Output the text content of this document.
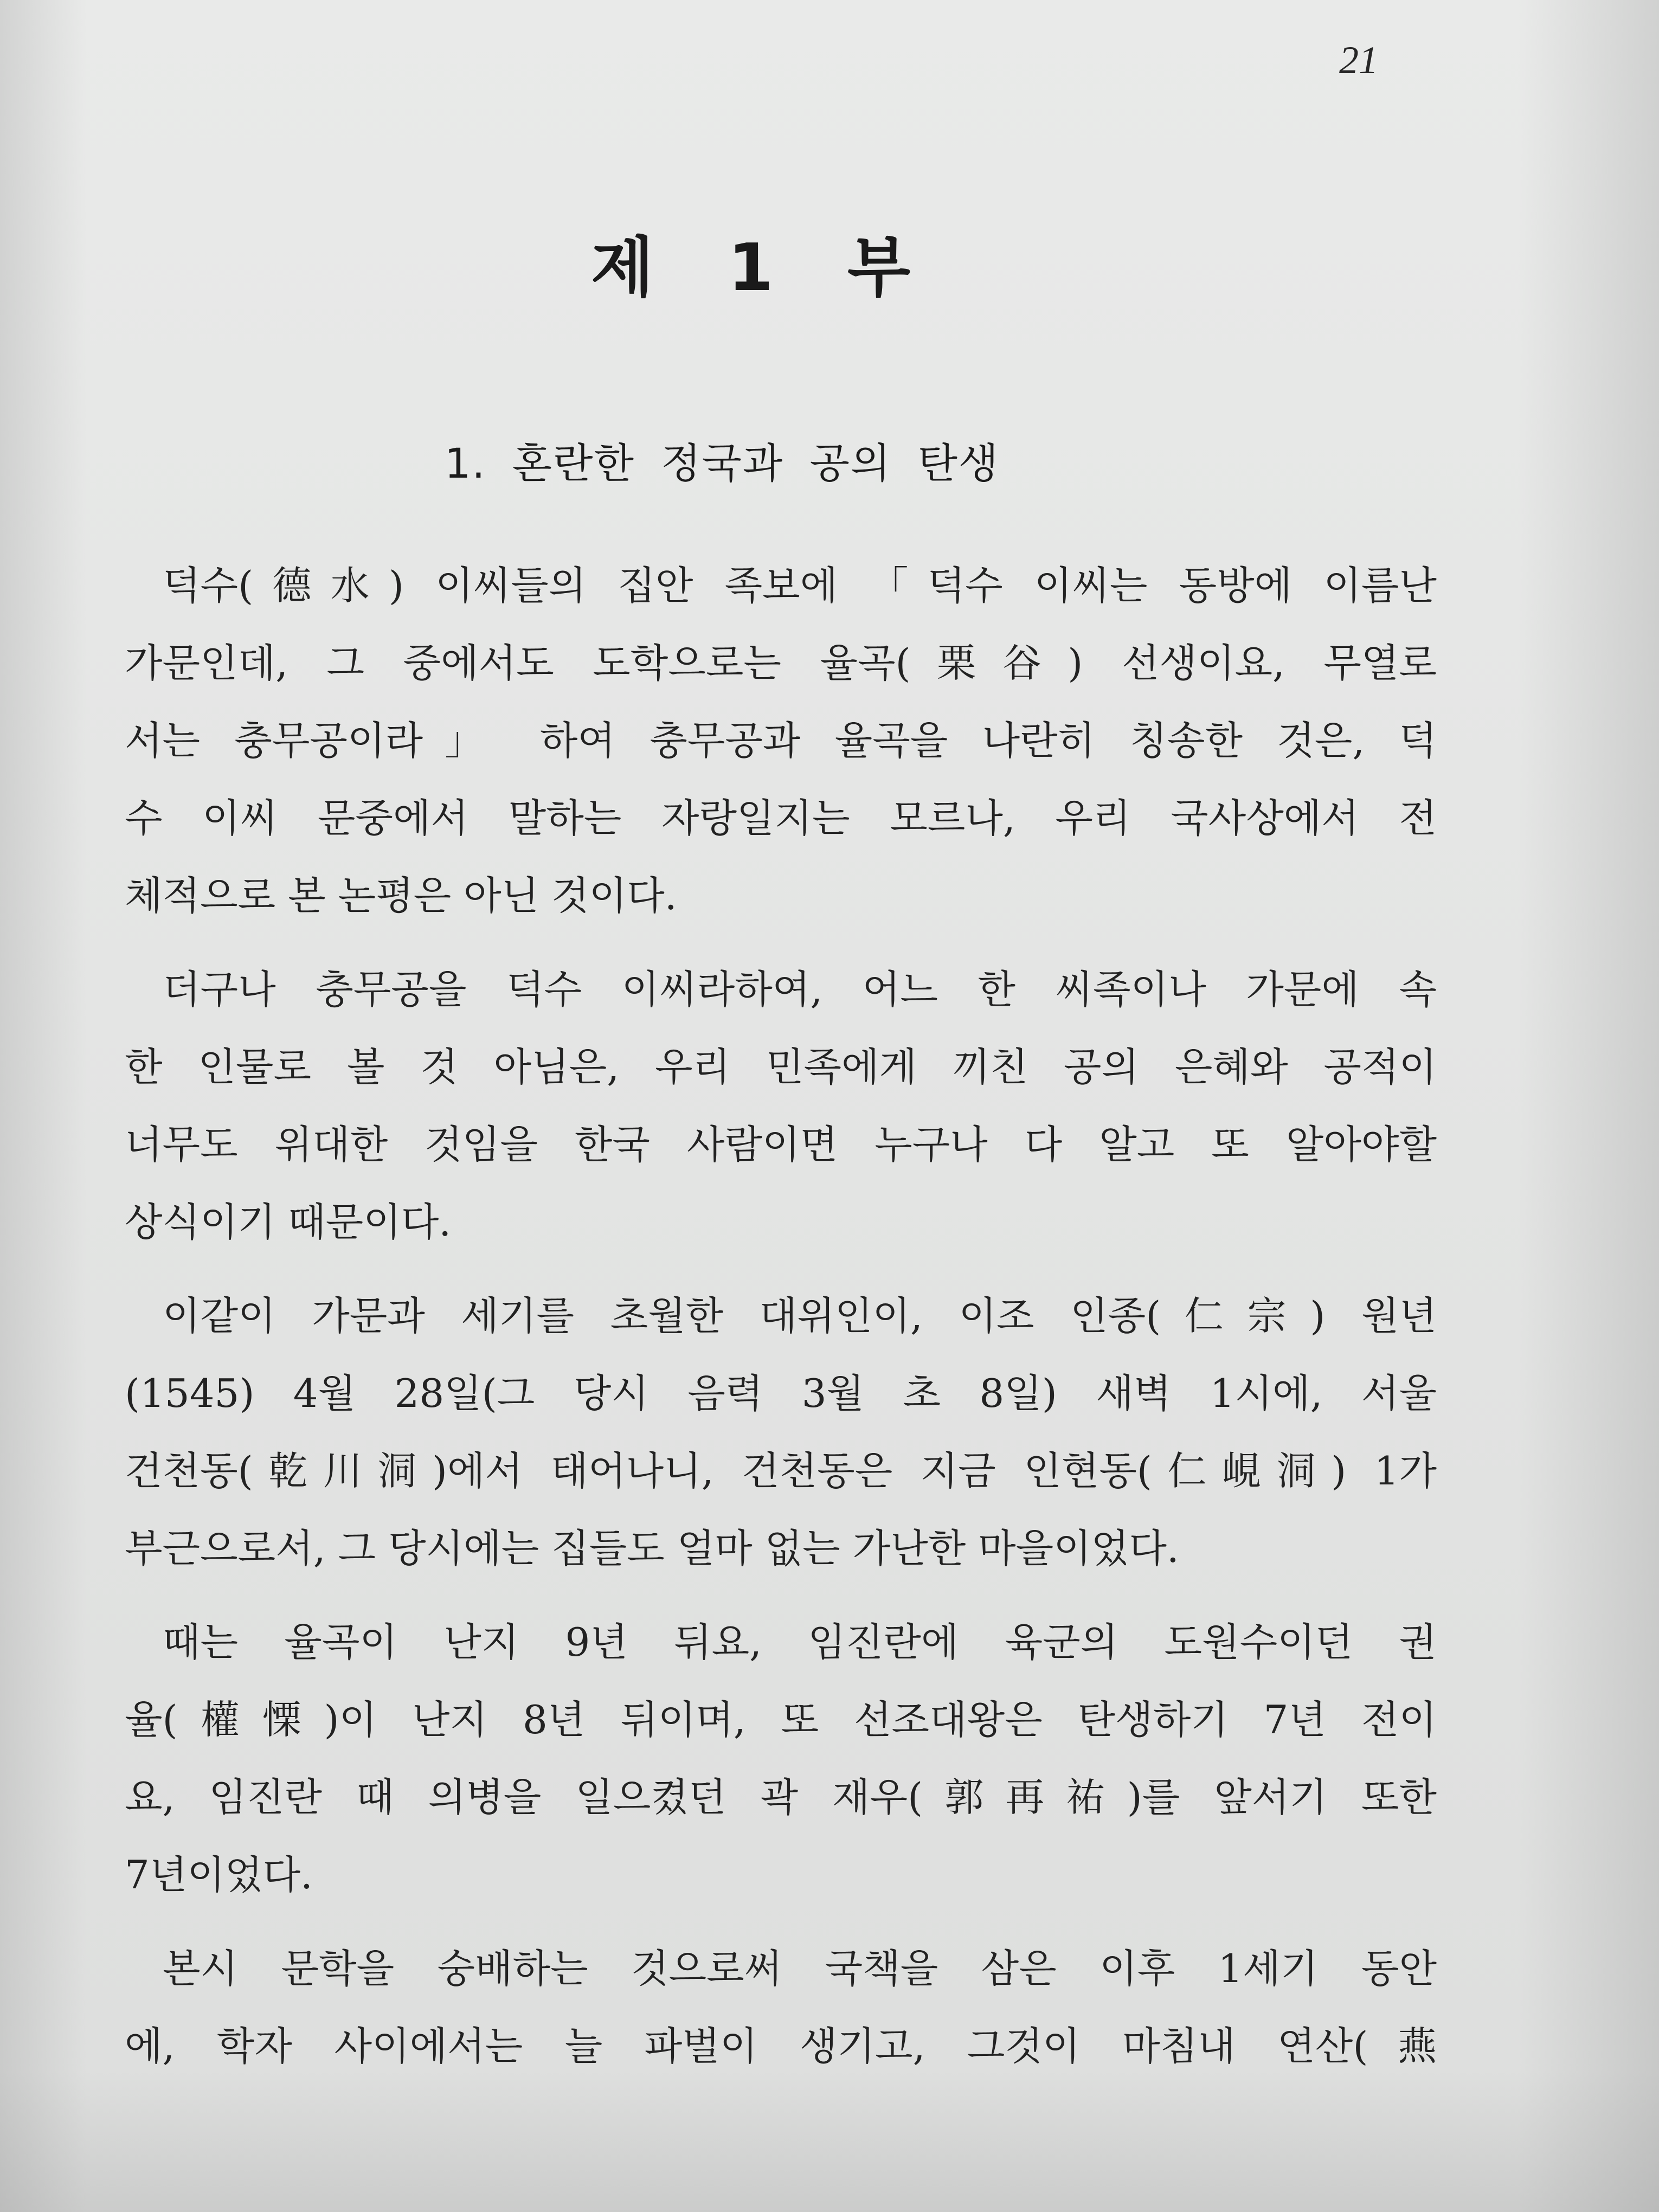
21
제 1 부
1. 혼란한 정국과 공의 탄생
덕수(德水) 이씨들의 집안 족보에 「덕수 이씨는 동방에 이름난
가문인데, 그 중에서도 도학으로는 율곡(栗谷) 선생이요, 무열로
서는 충무공이라」 하여 충무공과 율곡을 나란히 칭송한 것은, 덕
수 이씨 문중에서 말하는 자랑일지는 모르나, 우리 국사상에서 전
체적으로 본 논평은 아닌 것이다.
더구나 충무공을 덕수 이씨라하여, 어느 한 씨족이나 가문에 속
한 인물로 볼 것 아님은, 우리 민족에게 끼친 공의 은혜와 공적이
너무도 위대한 것임을 한국 사람이면 누구나 다 알고 또 알아야할
상식이기 때문이다.
이같이 가문과 세기를 초월한 대위인이, 이조 인종(仁宗) 원년
(1545) 4월 28일(그 당시 음력 3월 초 8일) 새벽 1시에, 서울
건천동(乾川洞)에서 태어나니, 건천동은 지금 인현동(仁峴洞) 1가
부근으로서, 그 당시에는 집들도 얼마 없는 가난한 마을이었다.
때는 율곡이 난지 9년 뒤요, 임진란에 육군의 도원수이던 권
율(權慄)이 난지 8년 뒤이며, 또 선조대왕은 탄생하기 7년 전이
요, 임진란 때 의병을 일으켰던 곽 재우(郭再祐)를 앞서기 또한
7년이었다.
본시 문학을 숭배하는 것으로써 국책을 삼은 이후 1세기 동안
에, 학자 사이에서는 늘 파벌이 생기고, 그것이 마침내 연산(燕
